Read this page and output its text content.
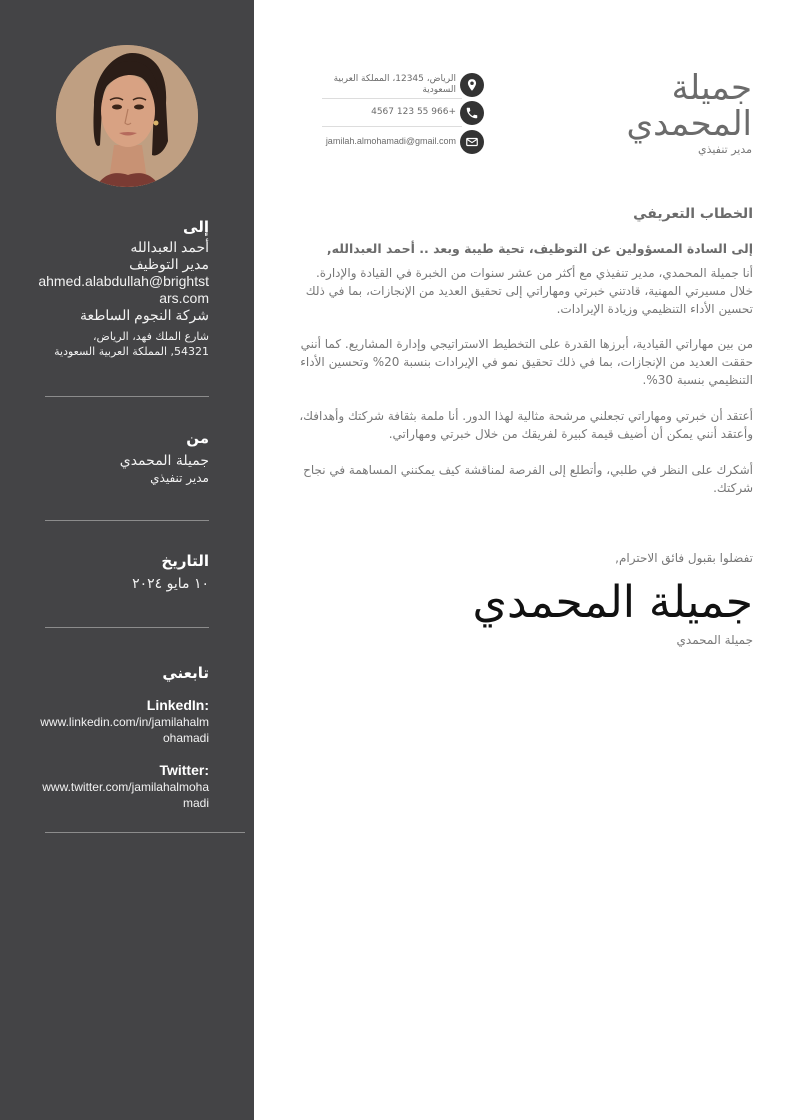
إلى
أحمد العبدالله
مدير التوظيف
ahmed.alabdullah@brightstars.com
شركة النجوم الساطعة
شارع الملك فهد، الرياض،
54321, المملكة العربية السعودية
من
جميلة المحمدي
مدير تنفيذي
التاريخ
١٠ مايو ٢٠٢٤
تابعني
:LinkedIn
www.linkedin.com/in/jamilahalmohamadi
:Twitter
www.twitter.com/jamilahalmohamadi
جميلة المحمدي
مدير تنفيذي
الرياض، 12345، المملكة العربية السعودية
+966 55 123 4567
jamilah.almohamadi@gmail.com
الخطاب التعريفي
إلى السادة المسؤولين عن التوظيف، تحية طيبة وبعد .. أحمد العبدالله,

أنا جميلة المحمدي، مدير تنفيذي مع أكثر من عشر سنوات من الخبرة في القيادة والإدارة. خلال مسيرتي المهنية، قادتني خبرتي ومهاراتي إلى تحقيق العديد من الإنجازات، بما في ذلك تحسين الأداء التنظيمي وزيادة الإيرادات.

من بين مهاراتي القيادية، أبرزها القدرة على التخطيط الاستراتيجي وإدارة المشاريع. كما أنني حققت العديد من الإنجازات، بما في ذلك تحقيق نمو في الإيرادات بنسبة 20% وتحسين الأداء التنظيمي بنسبة 30%.

أعتقد أن خبرتي ومهاراتي تجعلني مرشحة مثالية لهذا الدور. أنا ملمة بثقافة شركتك وأهدافك، وأعتقد أنني يمكن أن أضيف قيمة كبيرة لفريقك من خلال خبرتي ومهاراتي.

أشكرك على النظر في طلبي، وأتطلع إلى الفرصة لمناقشة كيف يمكنني المساهمة في نجاح شركتك.

تفضلوا بقبول فائق الاحترام,
جميلة المحمدي
جميلة المحمدي
